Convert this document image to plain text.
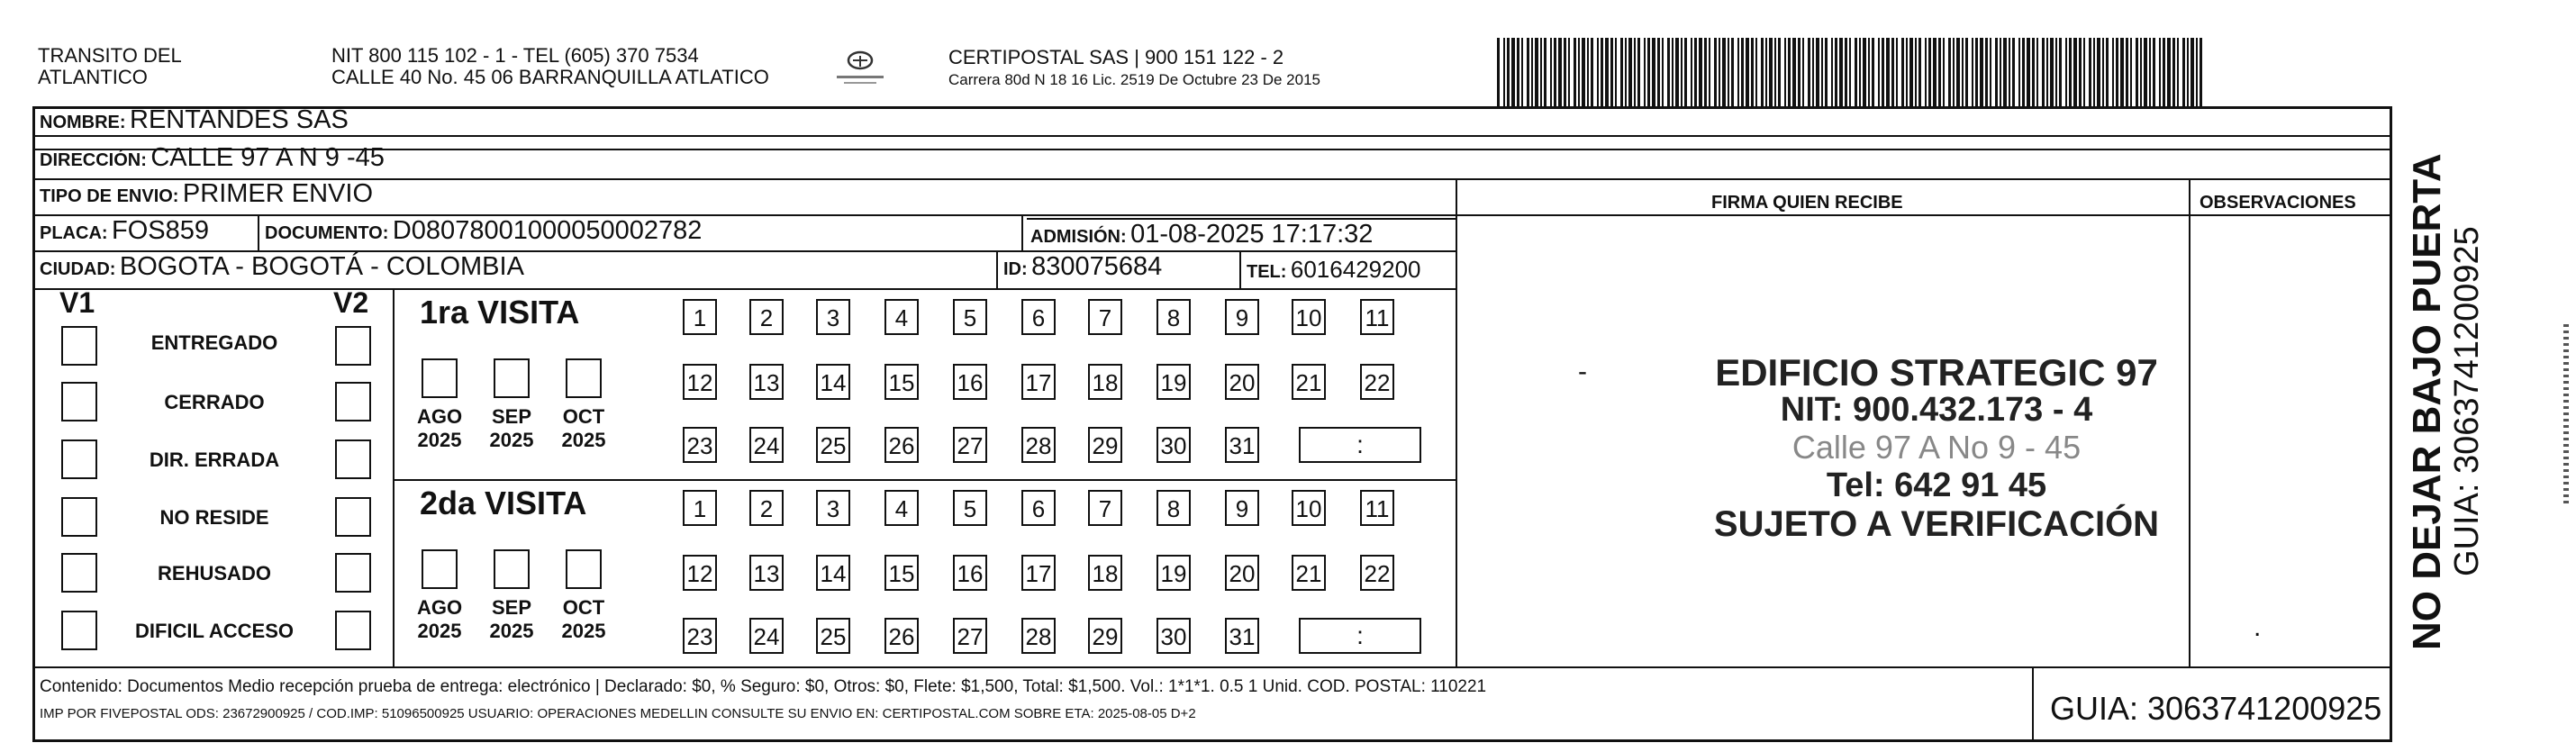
TRANSITO DEL
ATLANTICO
NIT 800 115 102 - 1 - TEL (605) 370 7534
CALLE 40 No. 45 06 BARRANQUILLA ATLATICO
CERTIPOSTAL SAS | 900 151 122 - 2
Carrera 80d N 18 16 Lic. 2519 De Octubre 23 De 2015
NOMBRE: RENTANDES SAS
DIRECCIÓN: CALLE 97 A N 9 -45
TIPO DE ENVIO: PRIMER ENVIO
PLACA: FOS859	DOCUMENTO: D08078001000050002782	ADMISIÓN: 01-08-2025 17:17:32
CIUDAD: BOGOTA - BOGOTÁ - COLOMBIA	ID: 830075684	TEL: 6016429200
V1	V2
ENTREGADO
CERRADO
DIR. ERRADA
NO RESIDE
REHUSADO
DIFICIL ACCESO
1ra VISITA
2da VISITA
AGO
2025
SEP
2025
OCT
2025
1	2	3	4	5	6	7	8	9	10 11
12 13 14 15 16 17 18 19 20 21 22
23 24 25 26 27 28 29 30 31	:
AGO
2025
SEP
2025
OCT
2025
1	2	3	4	5	6	7	8	9	10 11
12 13 14 15 16 17 18 19 20 21 22
23 24 25 26 27 28 29 30 31	:
FIRMA QUIEN RECIBE	OBSERVACIONES
-
.
EDIFICIO STRATEGIC 97
NIT: 900.432.173 - 4
Calle 97 A No 9 - 45
Tel: 642 91 45
SUJETO A VERIFICACIÓN
Contenido: Documentos Medio recepción prueba de entrega: electrónico | Declarado: $0, % Seguro: $0, Otros: $0, Flete: $1,500, Total: $1,500. Vol.: 1*1*1. 0.5 1 Unid. COD. POSTAL: 110221
IMP POR FIVEPOSTAL ODS: 23672900925 / COD.IMP: 51096500925 USUARIO: OPERACIONES MEDELLIN CONSULTE SU ENVIO EN: CERTIPOSTAL.COM SOBRE ETA: 2025-08-05 D+2	GUIA: 3063741200925
NO DEJAR BAJO PUERTA GUIA: 3063741200925
